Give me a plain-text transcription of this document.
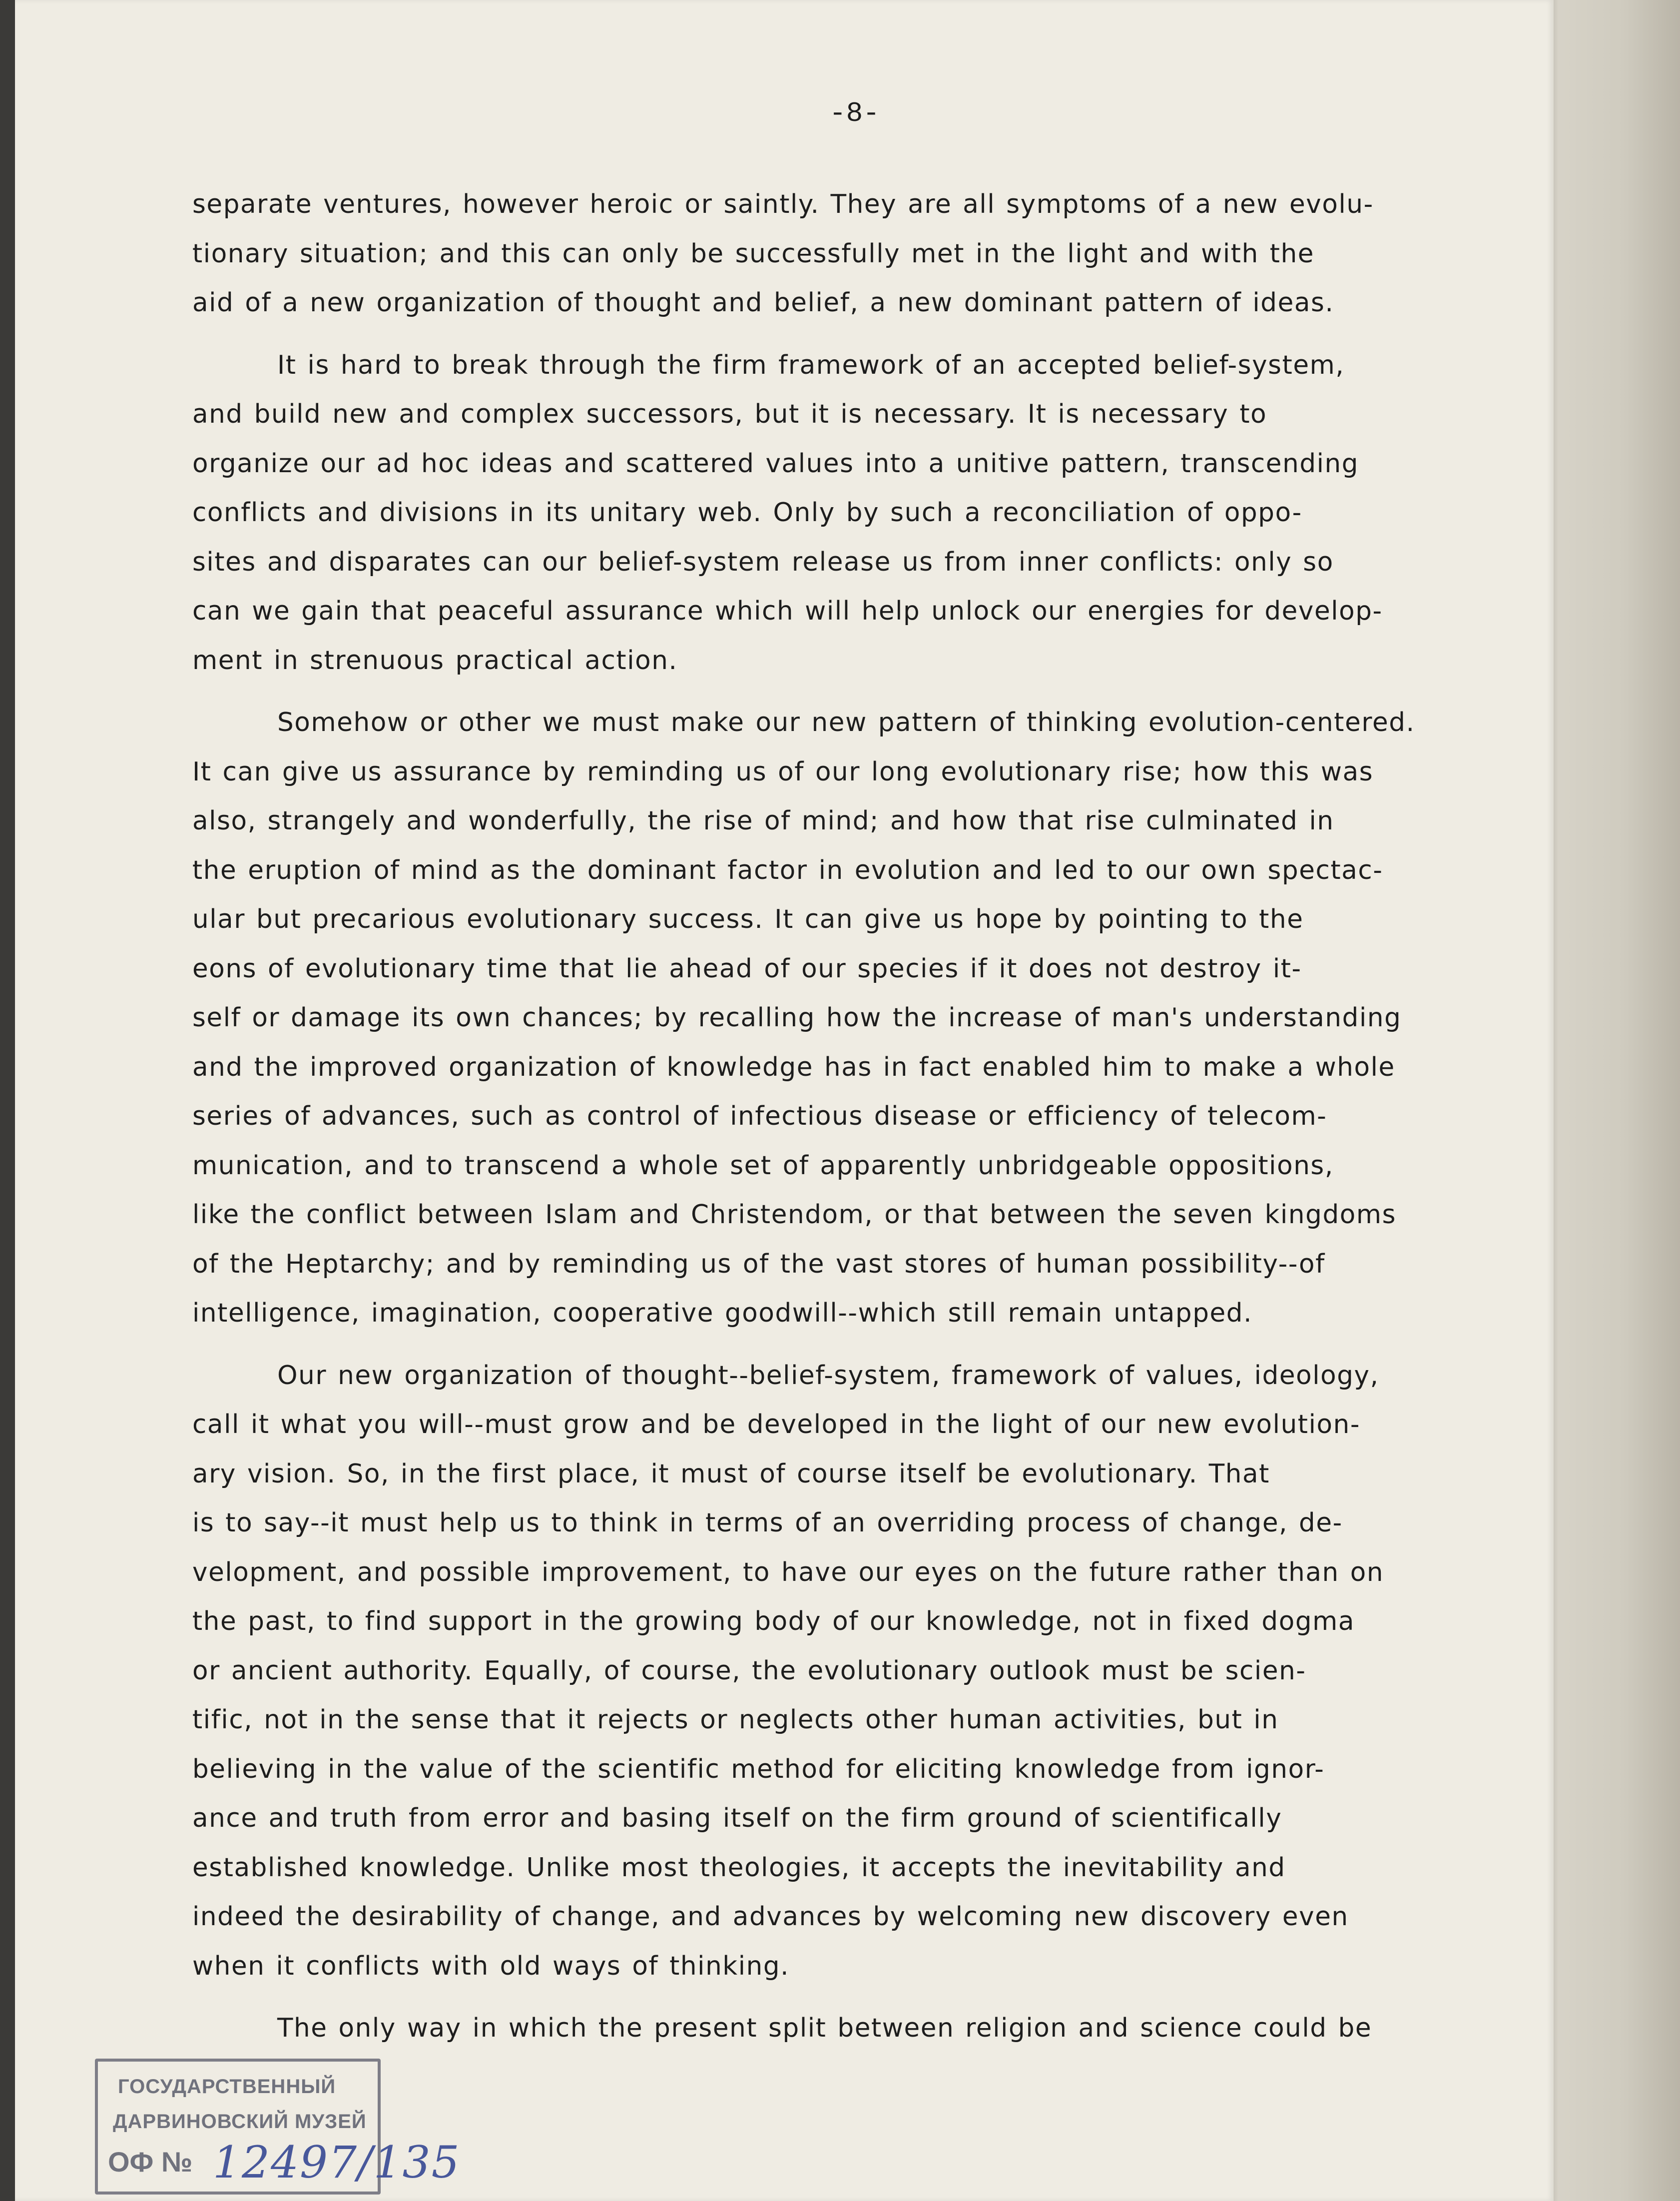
-8-
separate ventures, however heroic or saintly. They are all symptoms of a new evolu-
tionary situation; and this can only be successfully met in the light and with the
aid of a new organization of thought and belief, a new dominant pattern of ideas.
It is hard to break through the firm framework of an accepted belief-system,
and build new and complex successors, but it is necessary. It is necessary to
organize our ad hoc ideas and scattered values into a unitive pattern, transcending
conflicts and divisions in its unitary web. Only by such a reconciliation of oppo-
sites and disparates can our belief-system release us from inner conflicts: only so
can we gain that peaceful assurance which will help unlock our energies for develop-
ment in strenuous practical action.
Somehow or other we must make our new pattern of thinking evolution-centered.
It can give us assurance by reminding us of our long evolutionary rise; how this was
also, strangely and wonderfully, the rise of mind; and how that rise culminated in
the eruption of mind as the dominant factor in evolution and led to our own spectac-
ular but precarious evolutionary success. It can give us hope by pointing to the
eons of evolutionary time that lie ahead of our species if it does not destroy it-
self or damage its own chances; by recalling how the increase of man's understanding
and the improved organization of knowledge has in fact enabled him to make a whole
series of advances, such as control of infectious disease or efficiency of telecom-
munication, and to transcend a whole set of apparently unbridgeable oppositions,
like the conflict between Islam and Christendom, or that between the seven kingdoms
of the Heptarchy; and by reminding us of the vast stores of human possibility--of
intelligence, imagination, cooperative goodwill--which still remain untapped.
Our new organization of thought--belief-system, framework of values, ideology,
call it what you will--must grow and be developed in the light of our new evolution-
ary vision. So, in the first place, it must of course itself be evolutionary. That
is to say--it must help us to think in terms of an overriding process of change, de-
velopment, and possible improvement, to have our eyes on the future rather than on
the past, to find support in the growing body of our knowledge, not in fixed dogma
or ancient authority. Equally, of course, the evolutionary outlook must be scien-
tific, not in the sense that it rejects or neglects other human activities, but in
believing in the value of the scientific method for eliciting knowledge from ignor-
ance and truth from error and basing itself on the firm ground of scientifically
established knowledge. Unlike most theologies, it accepts the inevitability and
indeed the desirability of change, and advances by welcoming new discovery even
when it conflicts with old ways of thinking.
The only way in which the present split between religion and science could be
ГОСУДАРСТВЕННЫЙ
ДАРВИНОВСКИЙ МУЗЕЙ
ОФ № 12497/135
